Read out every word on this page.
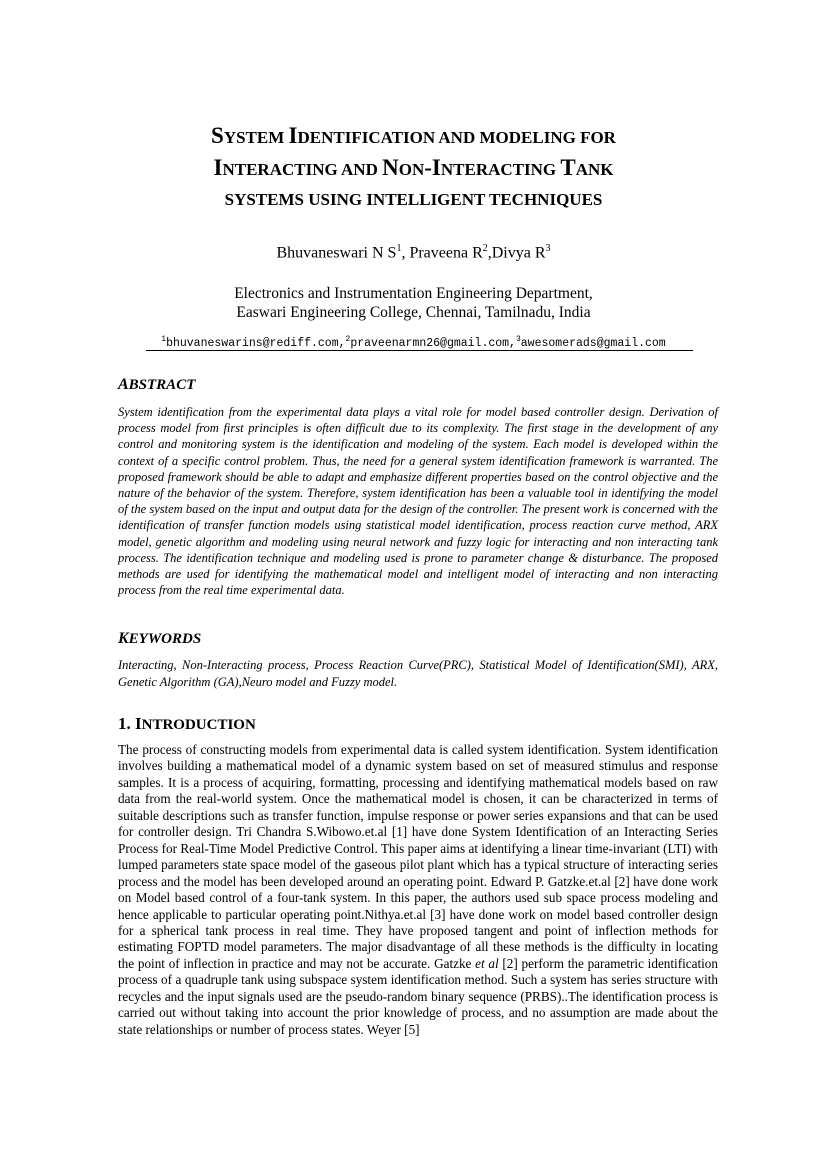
SYSTEM IDENTIFICATION AND MODELING FOR
INTERACTING AND NON-INTERACTING TANK
SYSTEMS USING INTELLIGENT TECHNIQUES
Bhuvaneswari N $S^1$, Praveena $R^2,Divya$ $R^3$
Electronics and Instrumentation Engineering Department,
Easwari Engineering College, Chennai, Tamilnadu, India
$^1$bhuvaneswarins@rediff.com,$^2$praveenarmn26@gmail.com,$^3$awesomerads@gmail.com
ABSTRACT
System identification from the experimental data plays a vital role for model based controller design. Derivation of process model from first principles is often difficult due to its complexity. The first stage in the development of any control and monitoring system is the identification and modeling of the system. Each model is developed within the context of a specific control problem. Thus, the need for a general system identification framework is warranted. The proposed framework should be able to adapt and emphasize different properties based on the control objective and the nature of the behavior of the system. Therefore, system identification has been a valuable tool in identifying the model of the system based on the input and output data for the design of the controller. The present work is concerned with the identification of transfer function models using statistical model identification, process reaction curve method, ARX model, genetic algorithm and modeling using neural network and fuzzy logic for interacting and non interacting tank process. The identification technique and modeling used is prone to parameter change & disturbance. The proposed methods are used for identifying the mathematical model and intelligent model of interacting and non interacting process from the real time experimental data.
KEYWORDS
Interacting, Non-Interacting process, Process Reaction Curve(PRC), Statistical Model of Identification(SMI), ARX, Genetic Algorithm (GA),Neuro model and Fuzzy model.
1. INTRODUCTION
The process of constructing models from experimental data is called system identification. System identification involves building a mathematical model of a dynamic system based on set of measured stimulus and response samples. It is a process of acquiring, formatting, processing and identifying mathematical models based on raw data from the real-world system. Once the mathematical model is chosen, it can be characterized in terms of suitable descriptions such as transfer function, impulse response or power series expansions and that can be used for controller design. Tri Chandra S.Wibowo.et.al [1] have done System Identification of an Interacting Series Process for Real-Time Model Predictive Control. This paper aims at identifying a linear time-invariant (LTI) with lumped parameters state space model of the gaseous pilot plant which has a typical structure of interacting series process and the model has been developed around an operating point. Edward P. Gatzke.et.al [2] have done work on Model based control of a four-tank system. In this paper, the authors used sub space process modeling and hence applicable to particular operating point.Nithya.et.al [3] have done work on model based controller design for a spherical tank process in real time. They have proposed tangent and point of inflection methods for estimating FOPTD model parameters. The major disadvantage of all these methods is the difficulty in locating the point of inflection in practice and may not be accurate. Gatzke et al [2] perform the parametric identification process of a quadruple tank using subspace system identification method. Such a system has series structure with recycles and the input signals used are the pseudo-random binary sequence (PRBS)..The identification process is carried out without taking into account the prior knowledge of process, and no assumption are made about the state relationships or number of process states. Weyer [5]
